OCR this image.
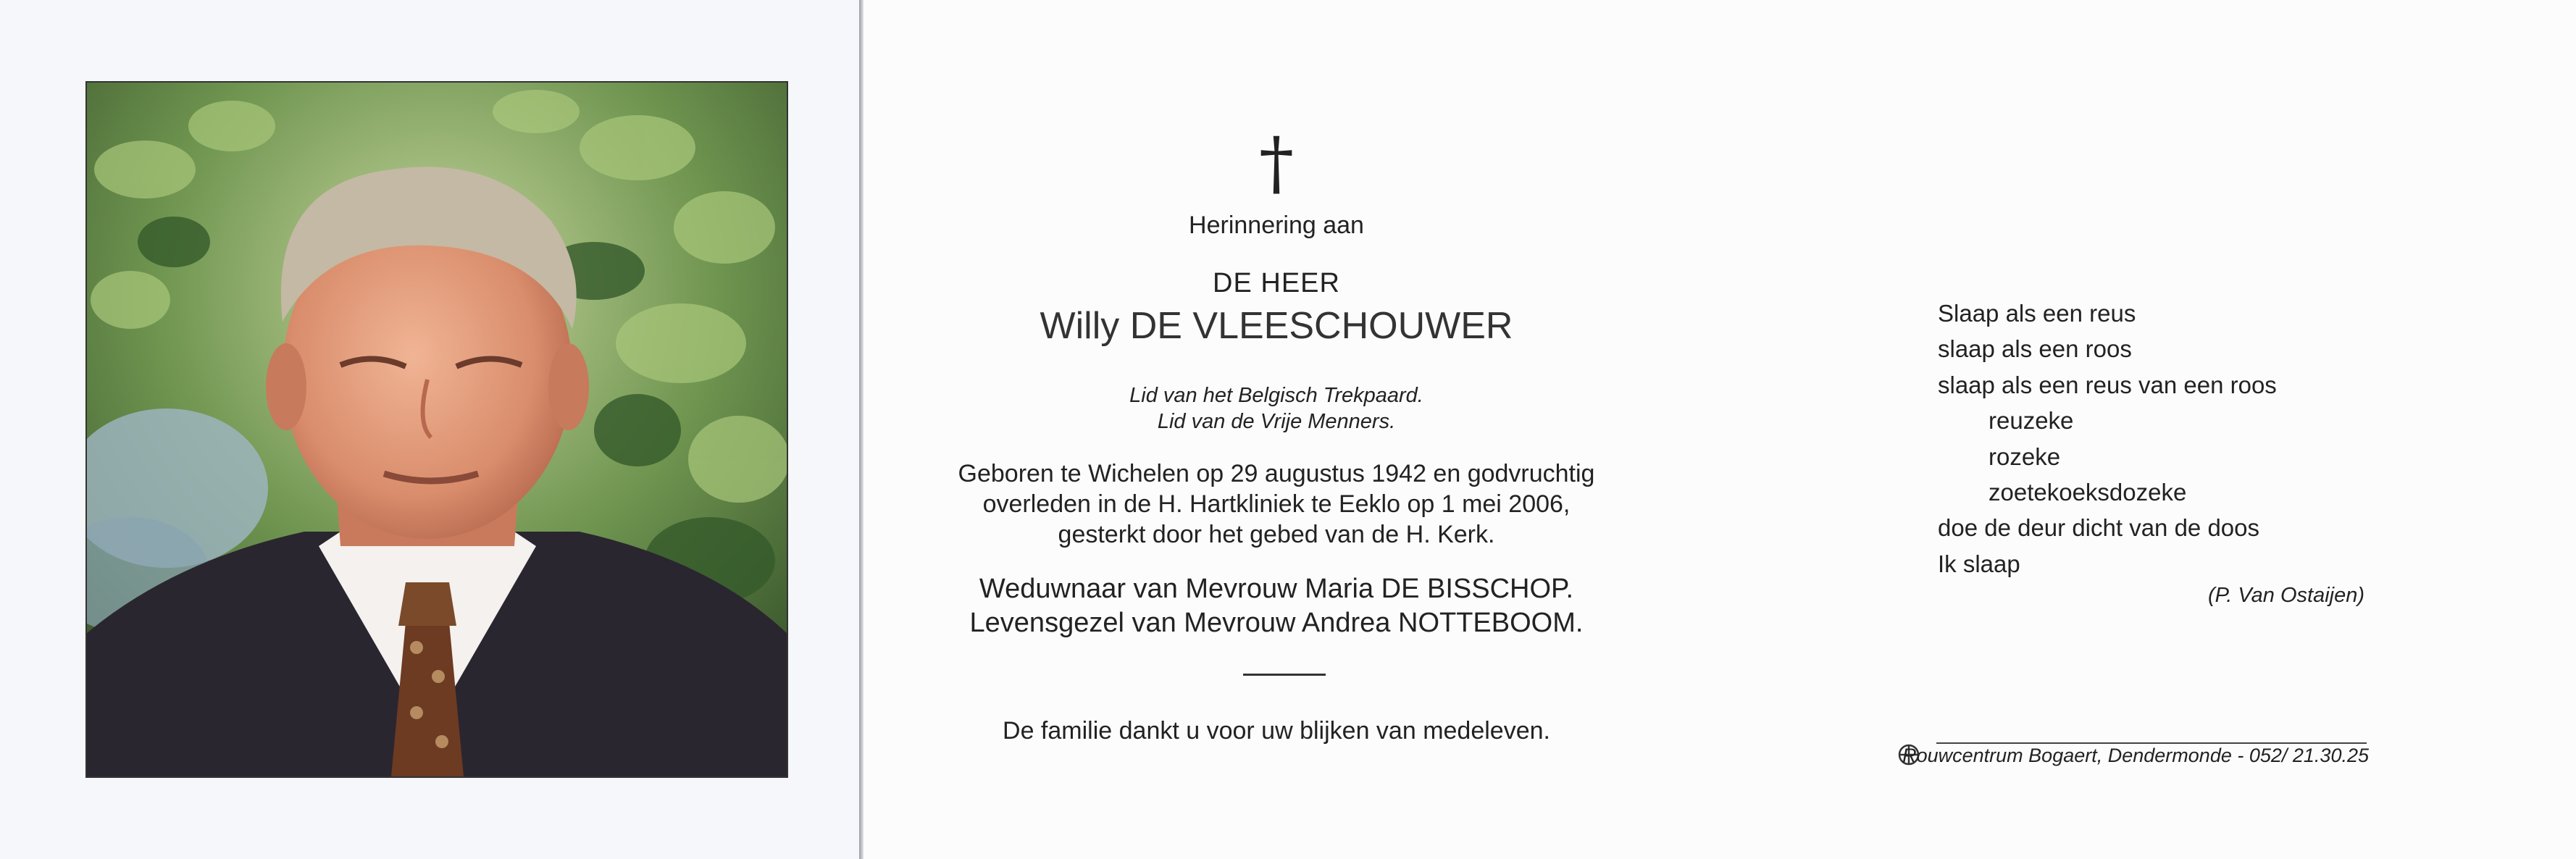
†
Herinnering aan
DE HEER
Willy DE VLEESCHOUWER
Lid van het Belgisch Trekpaard.
Lid van de Vrije Menners.
Geboren te Wichelen op 29 augustus 1942 en godvruchtig
overleden in de H. Hartkliniek te Eeklo op 1 mei 2006,
gesterkt door het gebed van de H. Kerk.
Weduwnaar van Mevrouw Maria DE BISSCHOP.
Levensgezel van Mevrouw Andrea NOTTEBOOM.
De familie dankt u voor uw blijken van medeleven.
Slaap als een reus
slaap als een roos
slaap als een reus van een roos
reuzeke
rozeke
zoetekoeksdozeke
doe de deur dicht van de doos
Ik slaap
(P. Van Ostaijen)
Rouwcentrum Bogaert, Dendermonde - 052/ 21.30.25
